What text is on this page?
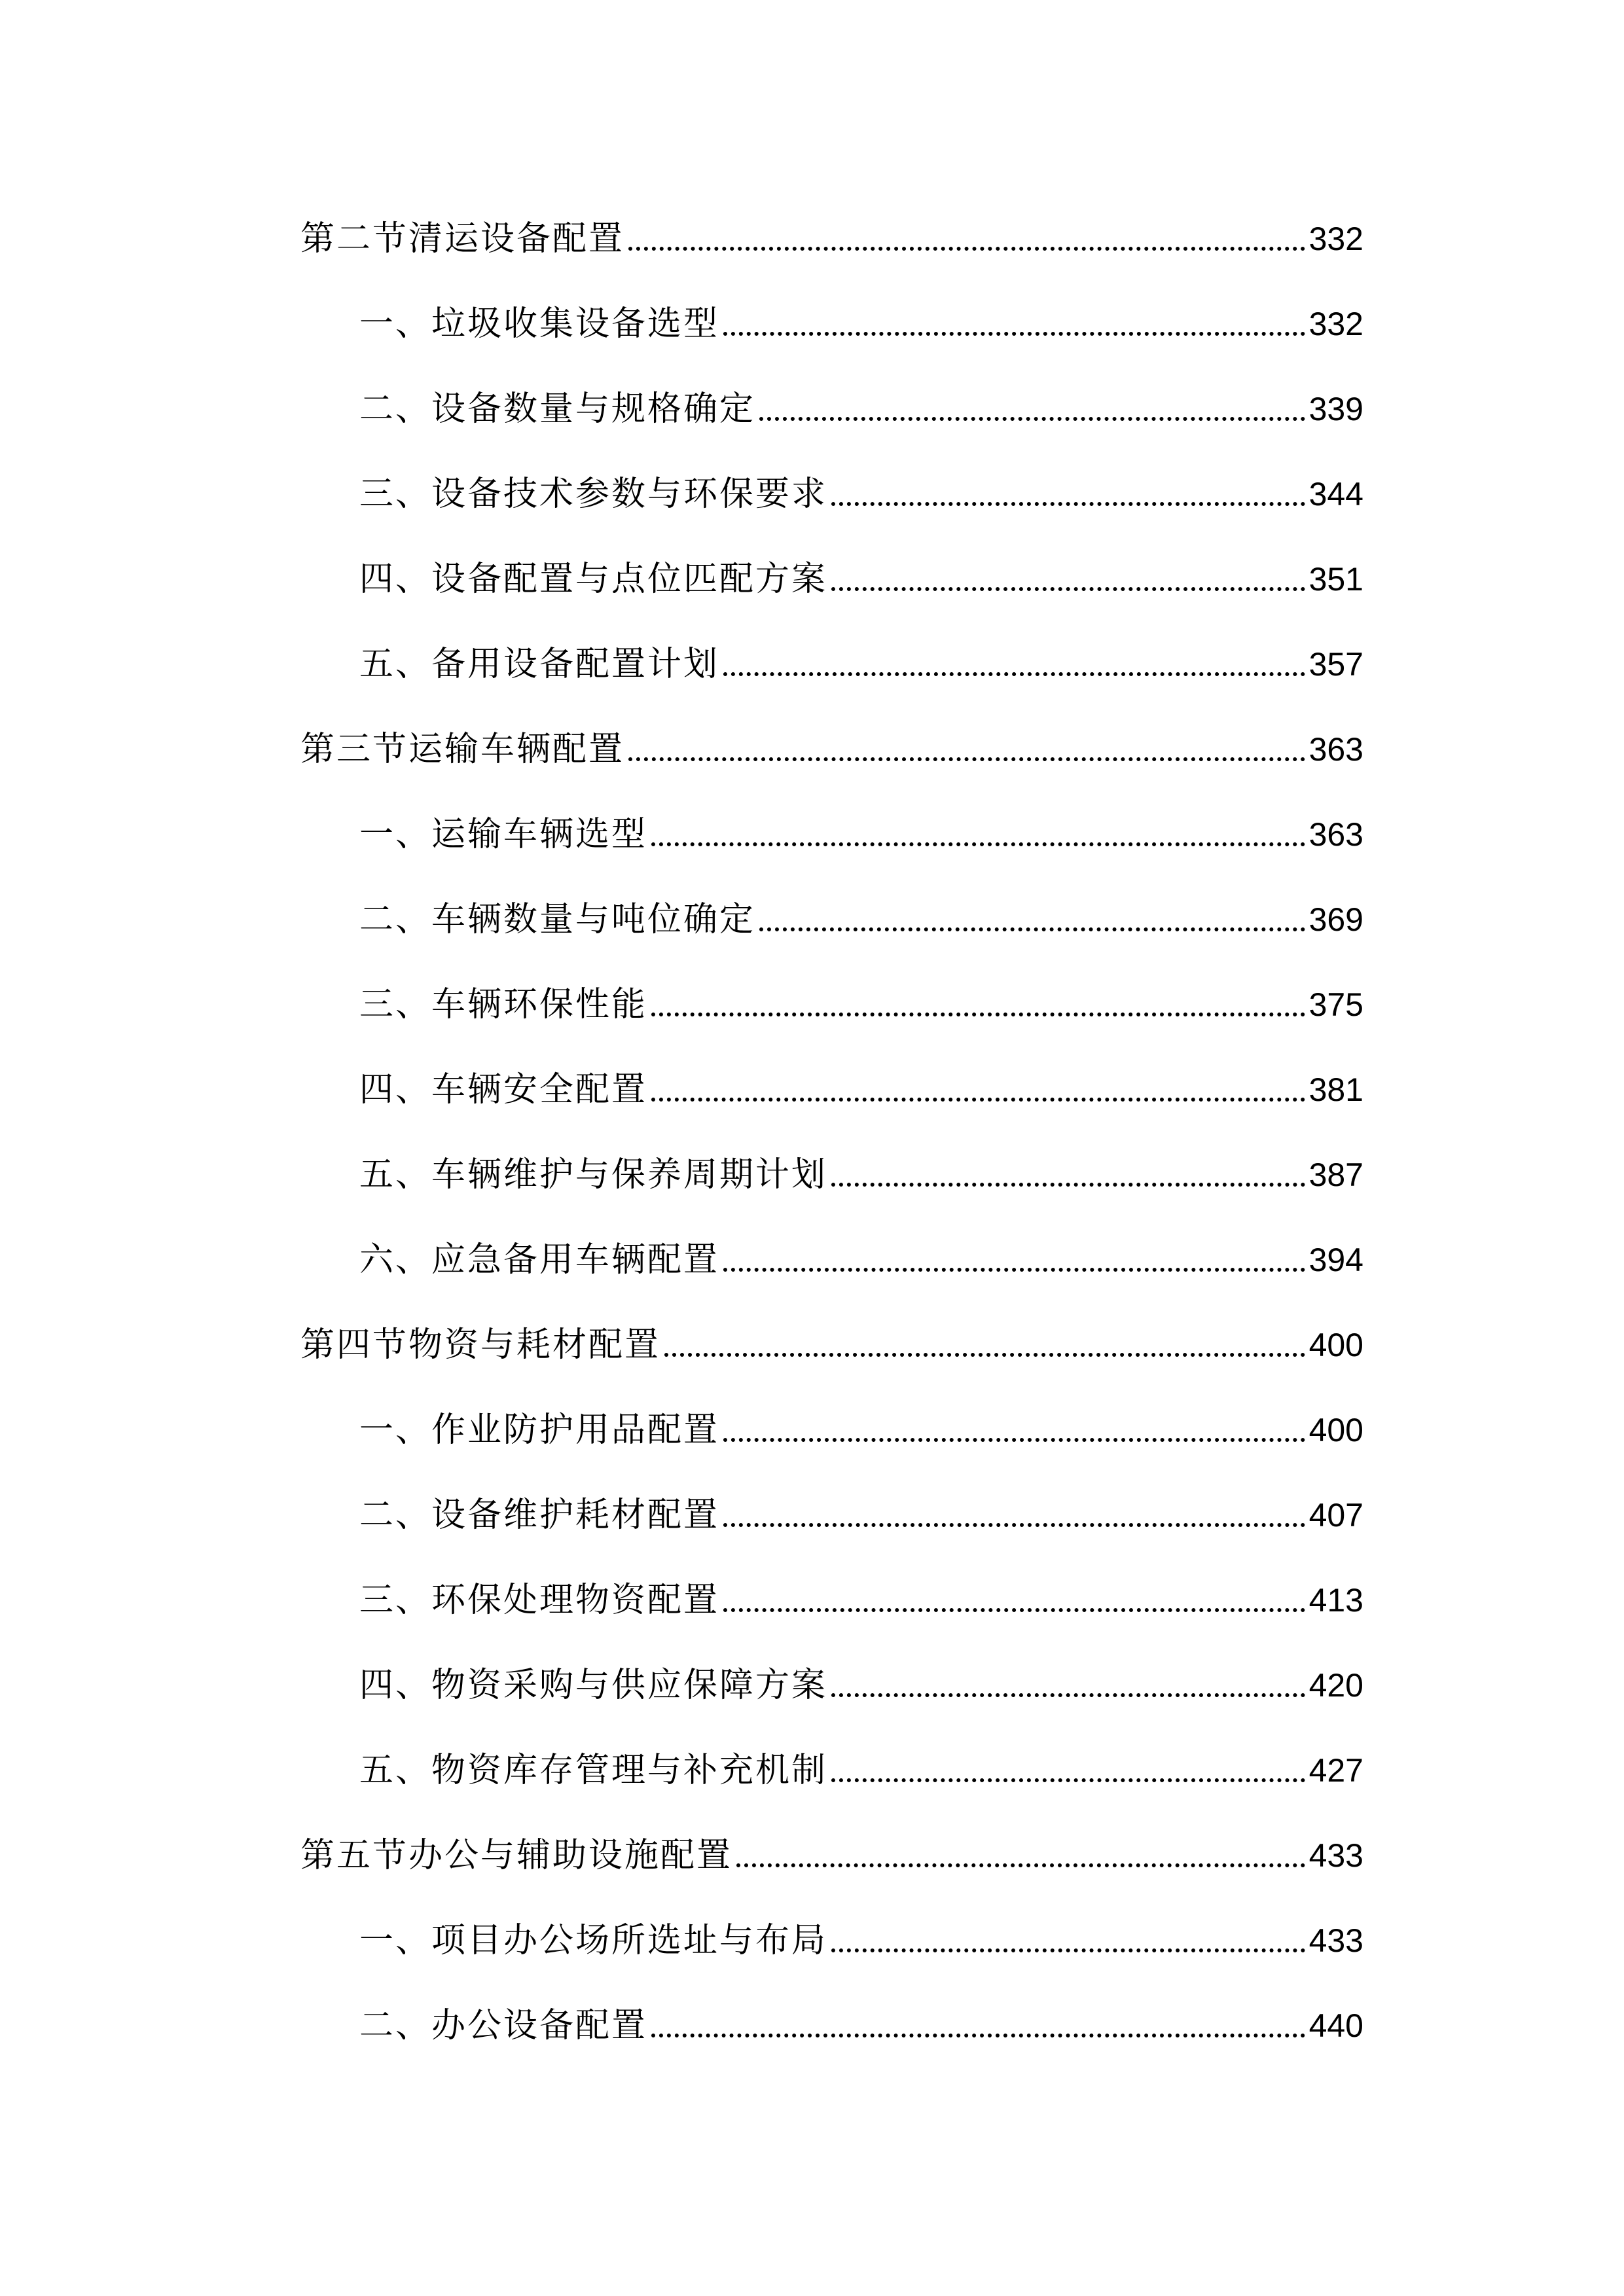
第二节清运设备配置	332
一、垃圾收集设备选型	332
二、设备数量与规格确定	339
三、设备技术参数与环保要求	344
四、设备配置与点位匹配方案	351
五、备用设备配置计划	357
第三节运输车辆配置	363
一、运输车辆选型	363
二、车辆数量与吨位确定	369
三、车辆环保性能	375
四、车辆安全配置	381
五、车辆维护与保养周期计划	387
六、应急备用车辆配置	394
第四节物资与耗材配置	400
一、作业防护用品配置	400
二、设备维护耗材配置	407
三、环保处理物资配置	413
四、物资采购与供应保障方案	420
五、物资库存管理与补充机制	427
第五节办公与辅助设施配置	433
一、项目办公场所选址与布局	433
二、办公设备配置	440
